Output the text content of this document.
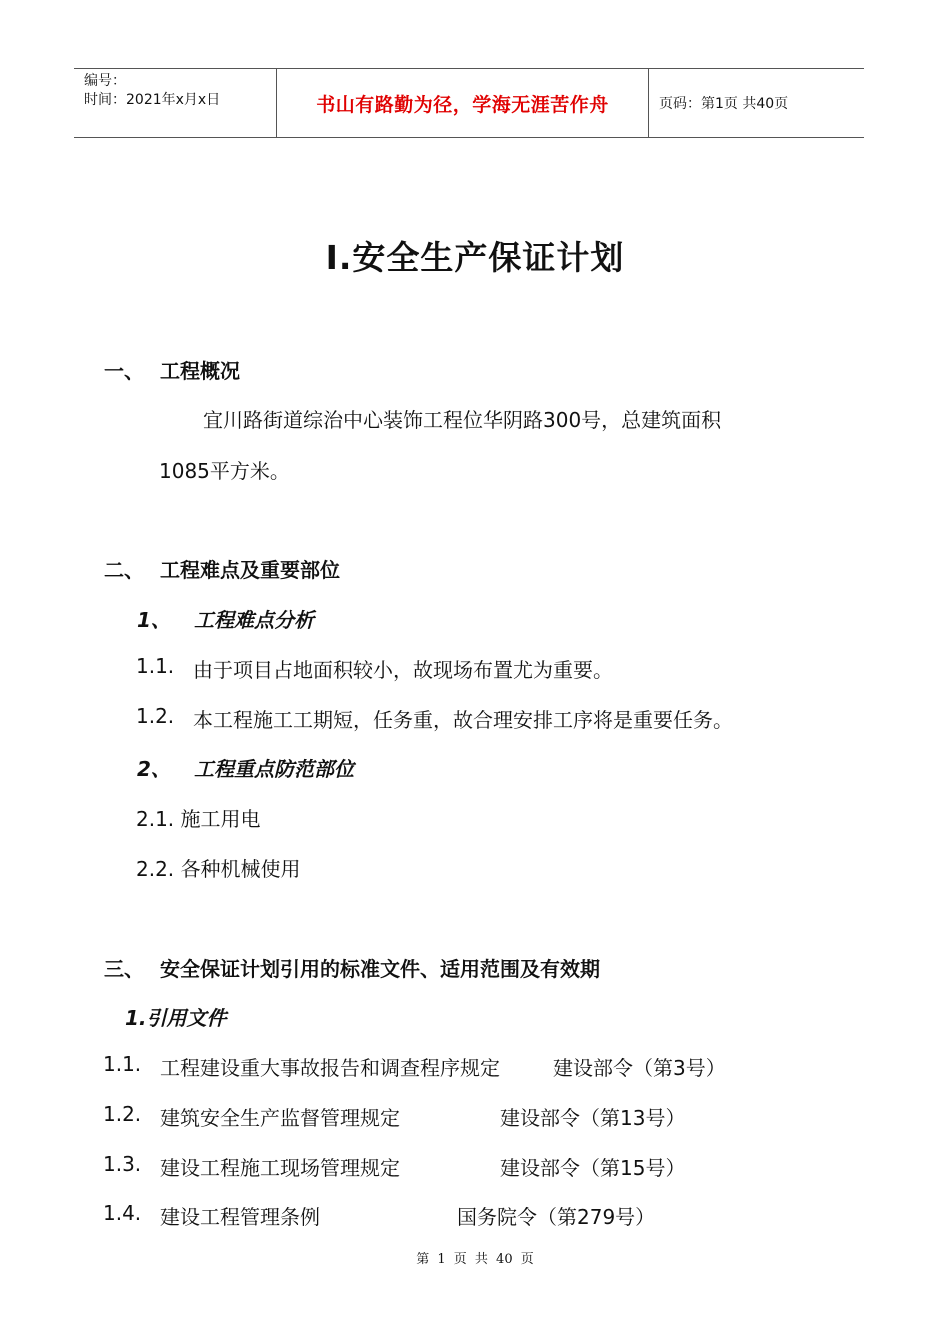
编号：
时间：2021年x月x日	书山有路勤为径，学海无涯苦作舟	页码：第1页 共40页
I.安全生产保证计划
一、 工程概况
宜川路街道综治中心装饰工程位华阴路300号，总建筑面积
1085平方米。
二、 工程难点及重要部位
1、 工程难点分析
1.1. 由于项目占地面积较小，故现场布置尤为重要。
1.2. 本工程施工工期短，任务重，故合理安排工序将是重要任务。
2、 工程重点防范部位
2.1. 施工用电
2.2. 各种机械使用
三、 安全保证计划引用的标准文件、适用范围及有效期
1.引用文件
1.1. 工程建设重大事故报告和调查程序规定	建设部令（第3号）
1.2. 建筑安全生产监督管理规定	建设部令（第13号）
1.3. 建设工程施工现场管理规定	建设部令（第15号）
1.4. 建设工程管理条例	国务院令（第279号）
第 1 页 共 40 页
